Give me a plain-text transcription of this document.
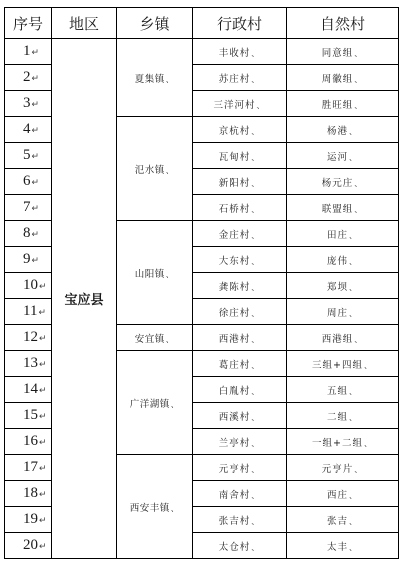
序号	地区	乡镇	行政村	自然村
1↵	宝应县	夏集镇、	丰收村、	同意组、
2↵			苏庄村、	周徽组、
3↵			三洋河村、	胜旺组、
4↵		氾水镇、	京杭村、	杨港、
5↵			瓦甸村、	运河、
6↵			新阳村、	杨元庄、
7↵			石桥村、	联盟组、
8↵		山阳镇、	金庄村、	田庄、
9↵			大东村、	庞伟、
10↵			龚陈村、	郑坝、
11↵			徐庄村、	周庄、
12↵		安宜镇、	西港村、	西港组、
13↵		广洋湖镇、	葛庄村、	三组+四组、
14↵			白胤村、	五组、
15↵			西溪村、	二组、
16↵			兰亭村、	一组+二组、
17↵		西安丰镇、	元亨村、	元亨片、
18↵			南舍村、	西庄、
19↵			张吉村、	张吉、
20↵			太仓村、	太丰、
